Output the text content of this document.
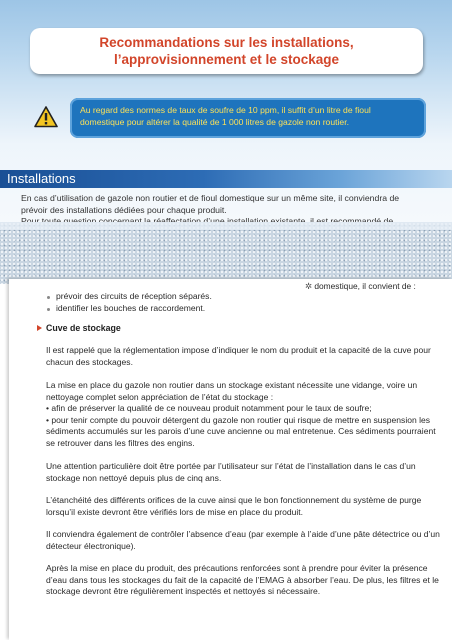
Recommandations sur les installations,
l’approvisionnement et le stockage
Au regard des normes de taux de soufre de 10 ppm, il suffit d’un litre de fioul
domestique pour altérer la qualité de 1 000 litres de gazole non routier.
Installations

En cas d’utilisation de gazole non routier et de fioul domestique sur un même site, il conviendra de

prévoir des installations dédiées pour chaque produit.

✲ domestique, il convient de :
prévoir des circuits de réception séparés.
identifier les bouches de raccordement.
Cuve de stockage
Il est rappelé que la réglementation impose d’indiquer le nom du produit et la capacité de la cuve pour
chacun des stockages.
La mise en place du gazole non routier dans un stockage existant nécessite une vidange, voire un
nettoyage complet selon appréciation de l’état du stockage :
• afin de préserver la qualité de ce nouveau produit notamment pour le taux de soufre;
• pour tenir compte du pouvoir détergent du gazole non routier qui risque de mettre en suspension les
sédiments accumulés sur les parois d’une cuve ancienne ou mal entretenue. Ces sédiments pourraient
se retrouver dans les filtres des engins.
Une attention particulière doit être portée par l’utilisateur sur l’état de l’installation dans le cas d’un
stockage non nettoyé depuis plus de cinq ans.
L’étanchéité des différents orifices de la cuve ainsi que le bon fonctionnement du système de purge
lorsqu’il existe devront être vérifiés lors de mise en place du produit.
Il conviendra également de contrôler l’absence d’eau (par exemple à l’aide d’une pâte détectrice ou d’un
détecteur électronique).
Après la mise en place du produit, des précautions renforcées sont à prendre pour éviter la présence
d’eau dans tous les stockages du fait de la capacité de l’EMAG à absorber l’eau. De plus, les filtres et le
stockage devront être régulièrement inspectés et nettoyés si nécessaire.
